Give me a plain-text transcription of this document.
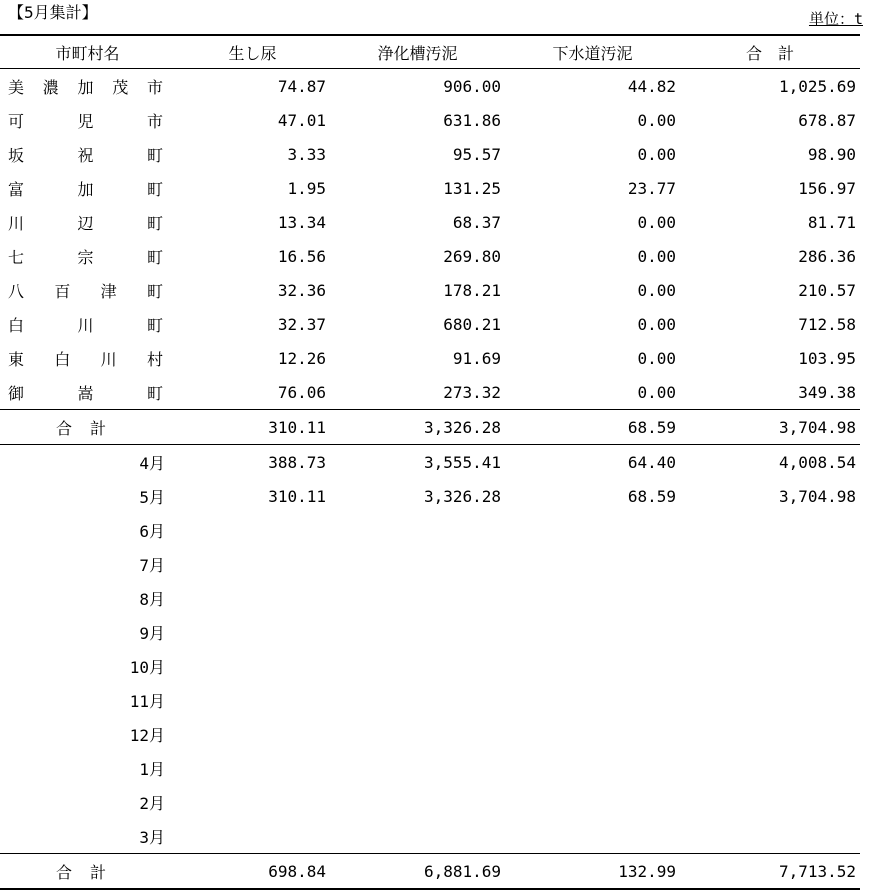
【5月集計】	単位：t
市町村名	生し尿	浄化槽汚泥	下水道汚泥	合　計

美 濃 加 茂 市	74.87	906.00	44.82	1,025.69

可 児 市	47.01	631.86	0.00	678.87

坂 祝 町	3.33	95.57	0.00	98.90

富 加 町	1.95	131.25	23.77	156.97

川 辺 町	13.34	68.37	0.00	81.71

七 宗 町	16.56	269.80	0.00	286.36

八 百 津 町	32.36	178.21	0.00	210.57

白 川 町	32.37	680.21	0.00	712.58

東 白 川 村	12.26	91.69	0.00	103.95

御 嵩 町	76.06	273.32	0.00	349.38
合計	310.11	3,326.28	68.59	3,704.98
4月	388.73	3,555.41	64.40	4,008.54
5月	310.11	3,326.28	68.59	3,704.98
6月				
7月				
8月				
9月				
10月				
11月				
12月				
1月				
2月				
3月				
合計	698.84	6,881.69	132.99	7,713.52
